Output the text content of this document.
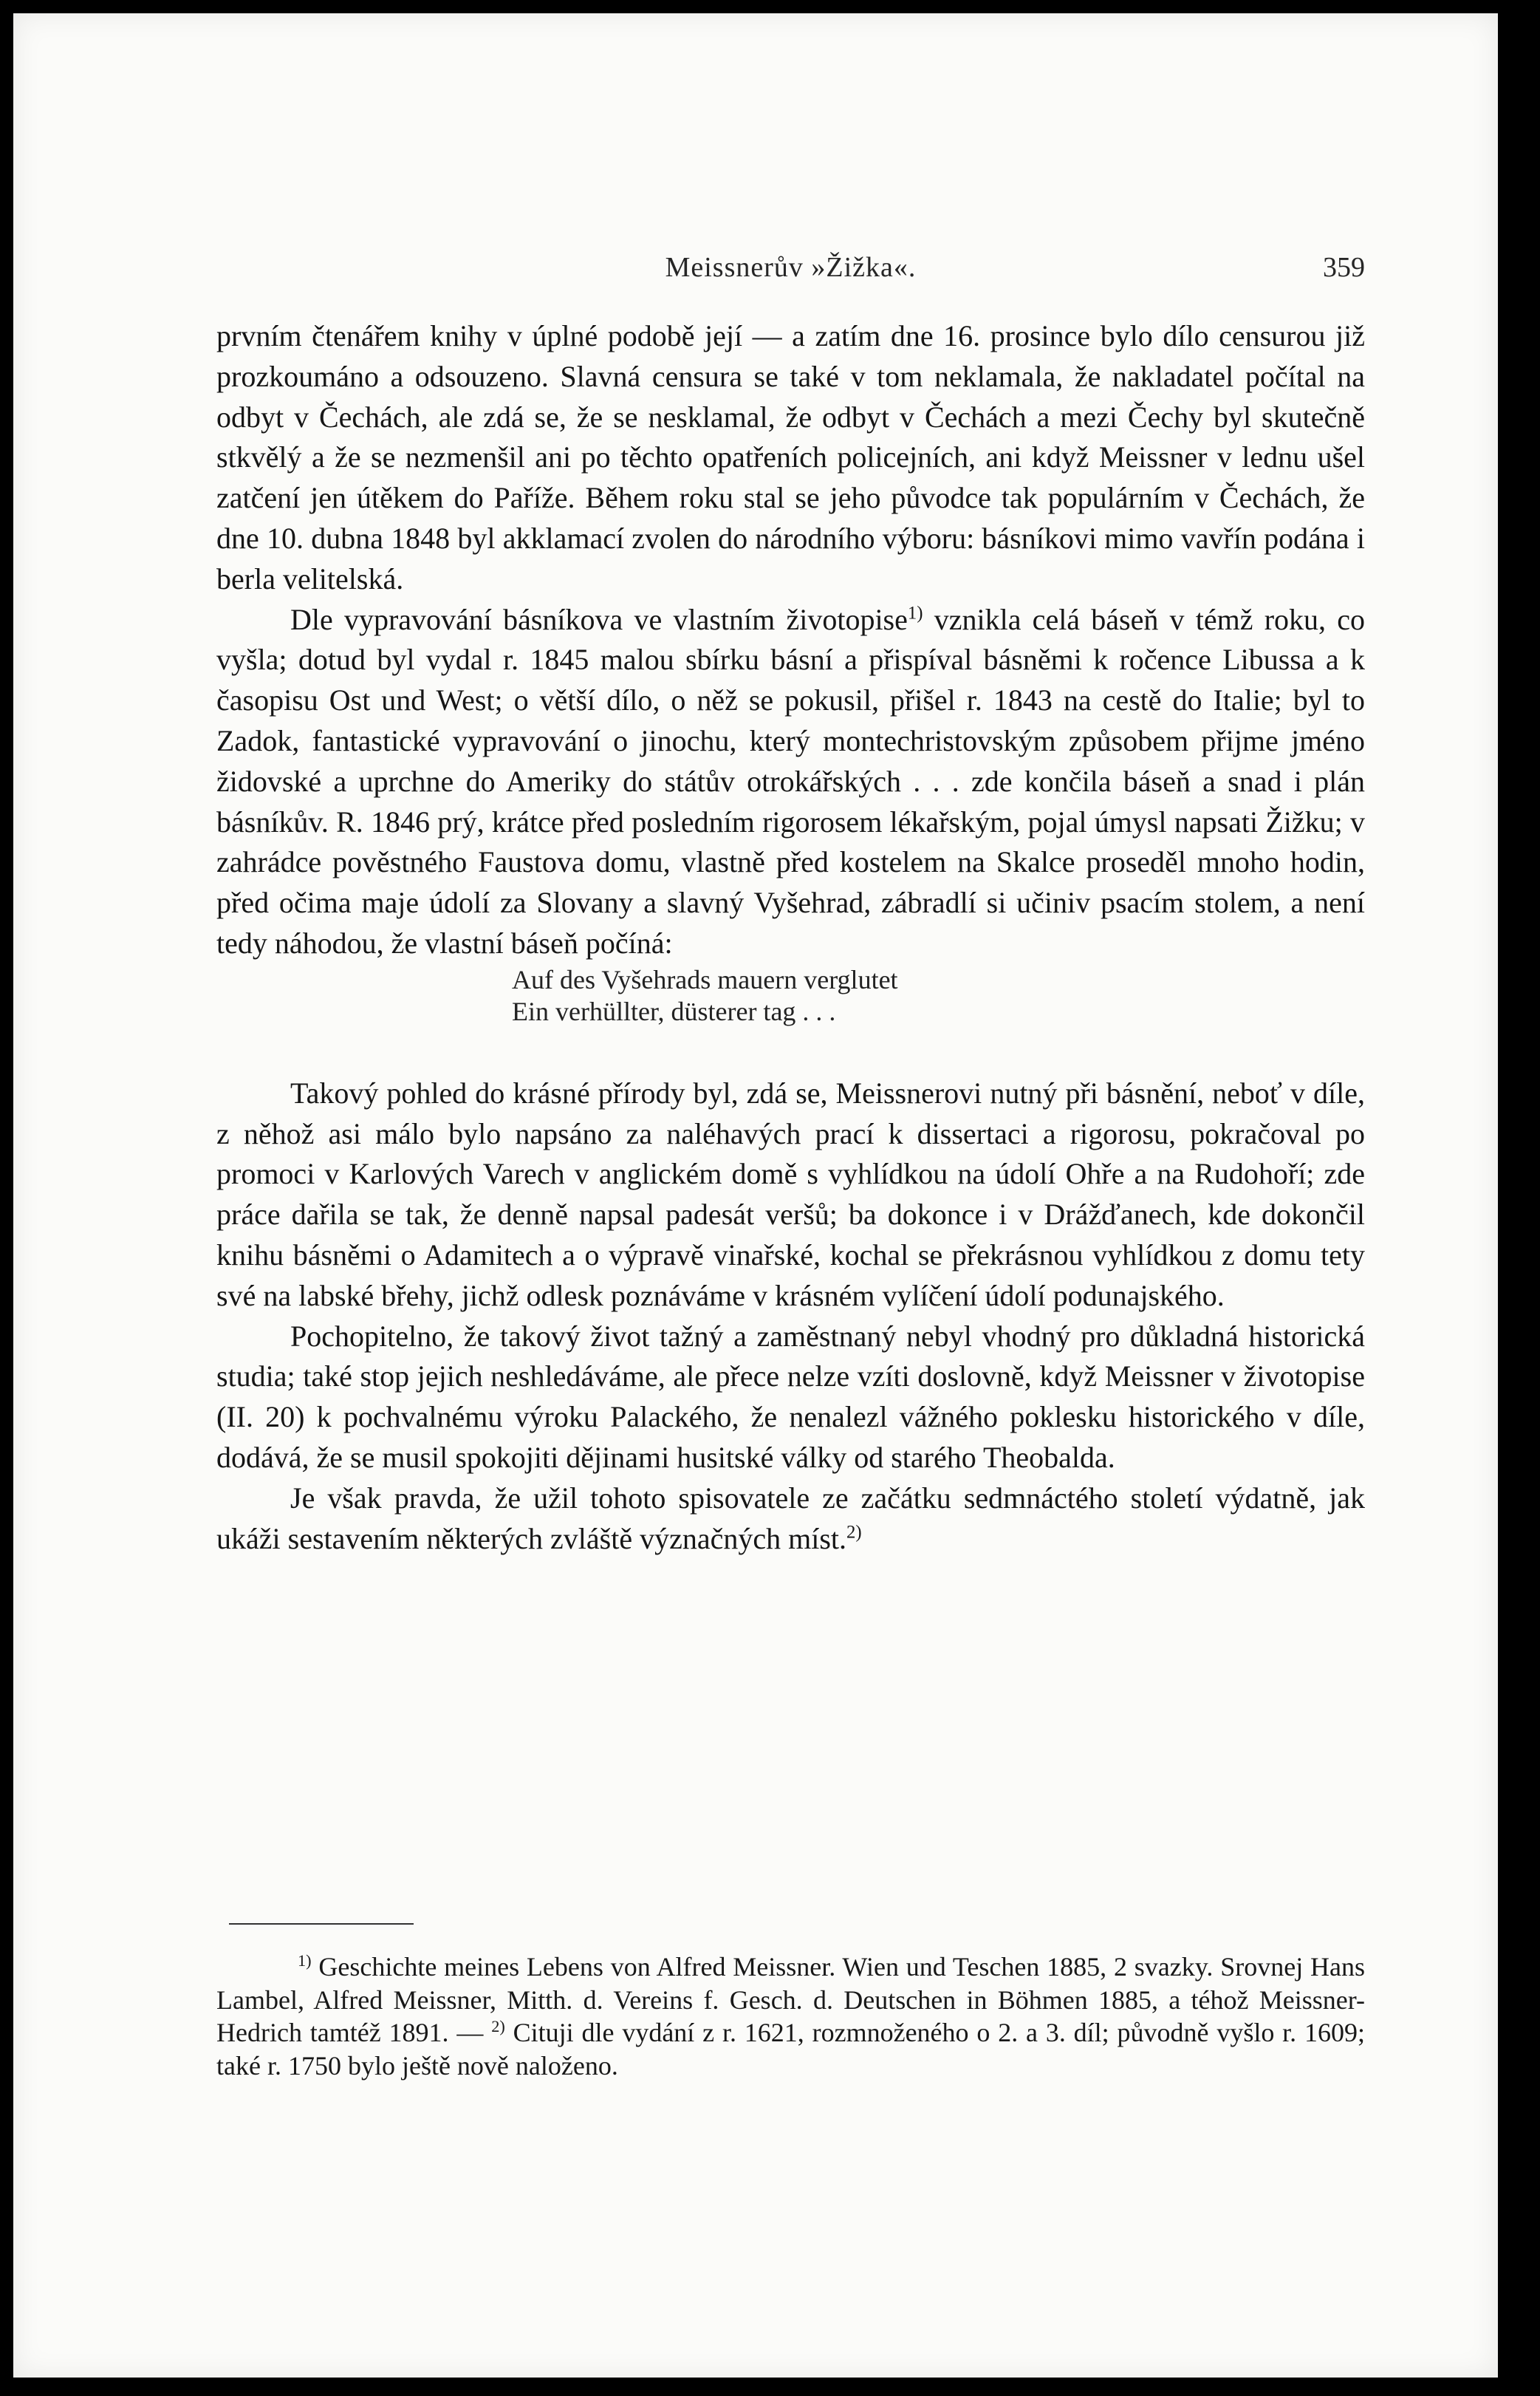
Meissnerův »Žižka«.	359

prvním čtenářem knihy v úplné podobě její — a zatím dne 16. prosince bylo dílo censurou již prozkoumáno a odsouzeno. Slavná censura se také v tom neklamala, že nakladatel počítal na odbyt v Čechách, ale zdá se, že se nesklamal, že odbyt v Čechách a mezi Čechy byl skutečně stkvělý a že se nezmenšil ani po těchto opatřeních policejních, ani když Meissner v lednu ušel zatčení jen útěkem do Paříže. Během roku stal se jeho původce tak populárním v Čechách, že dne 10. dubna 1848 byl akklamací zvolen do národního výboru: básníkovi mimo vavřín podána i berla velitelská.

Dle vypravování básníkova ve vlastním životopise$^{1)}$ vznikla celá báseň v témž roku, co vyšla; dotud byl vydal r. 1845 malou sbírku básní a přispíval básněmi k ročence Libussa a k časopisu Ost und West; o větší dílo, o něž se pokusil, přišel r. 1843 na cestě do Italie; byl to Zadok, fantastické vypravování o jinochu, který montechristovským způsobem přijme jméno židovské a uprchne do Ameriky do státův otrokářských . . . zde končila báseň a snad i plán básníkův. R. 1846 prý, krátce před posledním rigorosem lékařským, pojal úmysl napsati Žižku; v zahrádce pověstného Faustova domu, vlastně před kostelem na Skalce proseděl mnoho hodin, před očima maje údolí za Slovany a slavný Vyšehrad, zábradlí si učiniv psacím stolem, a není tedy náhodou, že vlastní báseň počíná:

Auf des Vyšehrads mauern verglutet
Ein verhüllter, düsterer tag . . .

Takový pohled do krásné přírody byl, zdá se, Meissnerovi nutný při básnění, neboť v díle, z něhož asi málo bylo napsáno za naléhavých prací k dissertaci a rigorosu, pokračoval po promoci v Karlových Varech v anglickém domě s vyhlídkou na údolí Ohře a na Rudohoří; zde práce dařila se tak, že denně napsal padesát veršů; ba dokonce i v Drážďanech, kde dokončil knihu básněmi o Adamitech a o výpravě vinařské, kochal se překrásnou vyhlídkou z domu tety své na labské břehy, jichž odlesk poznáváme v krásném vylíčení údolí podunajského.

Pochopitelno, že takový život tažný a zaměstnaný nebyl vhodný pro důkladná historická studia; také stop jejich neshledáváme, ale přece nelze vzíti doslovně, když Meissner v životopise (II. 20) k pochvalnému výroku Palackého, že nenalezl vážného poklesku historického v díle, dodává, že se musil spokojiti dějinami husitské války od starého Theobalda.

Je však pravda, že užil tohoto spisovatele ze začátku sedmnáctého století výdatně, jak ukáži sestavením některých zvláště význačných míst.$^{2)}$

$^{1)}$ Geschichte meines Lebens von Alfred Meissner. Wien und Teschen 1885, 2 svazky. Srovnej Hans Lambel, Alfred Meissner, Mitth. d. Vereins f. Gesch. d. Deutschen in Böhmen 1885, a téhož Meissner-Hedrich tamtéž 1891. — $^{2)}$ Cituji dle vydání z r. 1621, rozmnoženého o 2. a 3. díl; původně vyšlo r. 1609; také r. 1750 bylo ještě nově naloženo.
